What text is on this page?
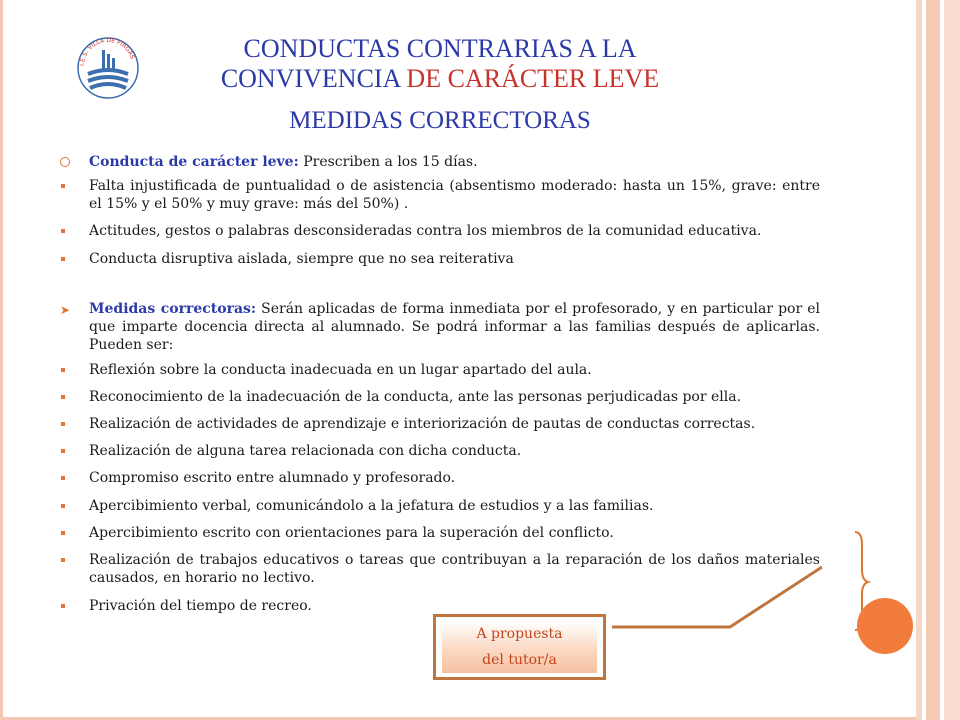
I.E.S. VILLA DE FIRGAS	CONDUCTAS CONTRARIAS A LA
CONVIVENCIA DE CARÁCTER LEVE
MEDIDAS CORRECTORAS

Conducta de carácter leve: Prescriben a los 15 días.

Falta injustificada de puntualidad o de asistencia (absentismo moderado: hasta un 15%, grave: entre el 15% y el 50% y muy grave: más del 50%) .

Actitudes, gestos o palabras desconsideradas contra los miembros de la comunidad educativa.

Conducta disruptiva aislada, siempre que no sea reiterativa

➤ Medidas correctoras: Serán aplicadas de forma inmediata por el profesorado, y en particular por el que imparte docencia directa al alumnado. Se podrá informar a las familias después de aplicarlas. Pueden ser:

Reflexión sobre la conducta inadecuada en un lugar apartado del aula.

Reconocimiento de la inadecuación de la conducta, ante las personas perjudicadas por ella.

Realización de actividades de aprendizaje e interiorización de pautas de conductas correctas.

Realización de alguna tarea relacionada con dicha conducta.

Compromiso escrito entre alumnado y profesorado.

Apercibimiento verbal, comunicándolo a la jefatura de estudios y a las familias.

Apercibimiento escrito con orientaciones para la superación del conflicto.

Realización de trabajos educativos o tareas que contribuyan a la reparación de los daños materiales causados, en horario no lectivo.

Privación del tiempo de recreo.

A propuesta
del tutor/a
